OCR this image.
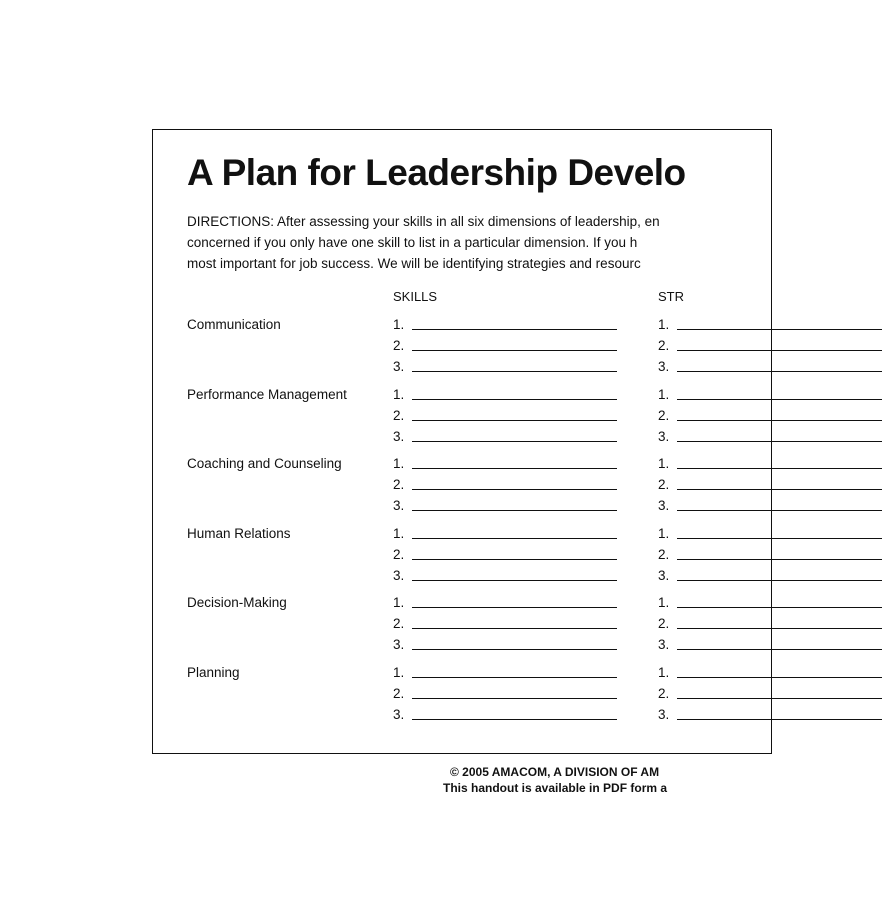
A Plan for Leadership Develo
DIRECTIONS: After assessing your skills in all six dimensions of leadership, en
concerned if you only have one skill to list in a particular dimension. If you h
most important for job success. We will be identifying strategies and resourc
SKILLS	STR
Communication	1.	1.
2.	2.
3.	3.
Performance Management	1.	1.
2.	2.
3.	3.
Coaching and Counseling	1.	1.
2.	2.
3.	3.
Human Relations	1.	1.
2.	2.
3.	3.
Decision-Making	1.	1.
2.	2.
3.	3.
Planning	1.	1.
2.	2.
3.	3.
© 2005 AMACOM, A DIVISION OF AM
This handout is available in PDF form a
